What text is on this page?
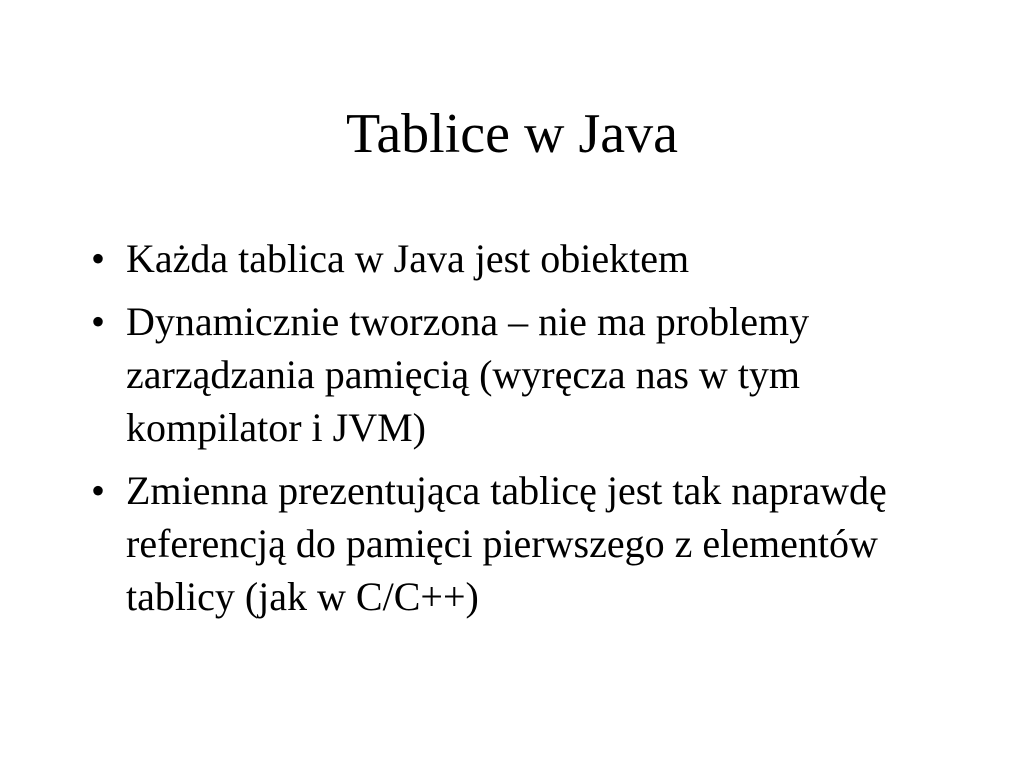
Tablice w Java
• Każda tablica w Java jest obiektem
• Dynamicznie tworzona – nie ma problemy zarządzania pamięcią (wyręcza nas w tym kompilator i JVM)
• Zmienna prezentująca tablicę jest tak naprawdę referencją do pamięci pierwszego z elementów tablicy (jak w C/C++)
